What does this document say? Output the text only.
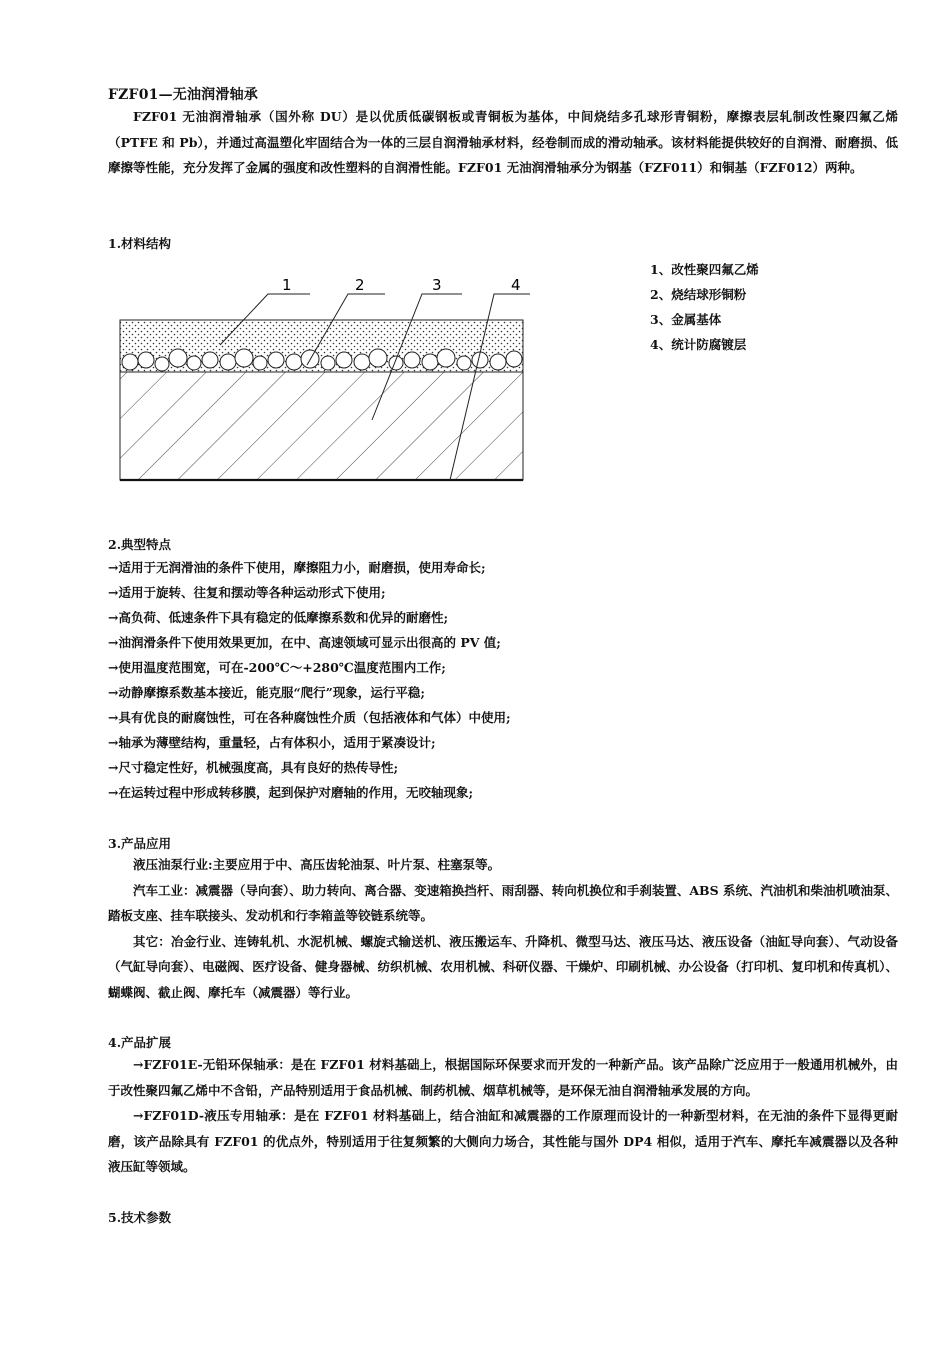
FZF01—无油润滑轴承

FZF01 无油润滑轴承（国外称 DU）是以优质低碳钢板或青铜板为基体，中间烧结多孔球形青铜粉，摩擦表层轧制改性聚四氟乙烯（PTFE 和 Pb），并通过高温塑化牢固结合为一体的三层自润滑轴承材料，经卷制而成的滑动轴承。该材料能提供较好的自润滑、耐磨损、低摩擦等性能，充分发挥了金属的强度和改性塑料的自润滑性能。FZF01 无油润滑轴承分为钢基（FZF011）和铜基（FZF012）两种。

1.材料结构
1	2	3	4
1、改性聚四氟乙烯
2、烧结球形铜粉
3、金属基体
4、统计防腐镀层
2.典型特点
→适用于无润滑油的条件下使用，摩擦阻力小，耐磨损，使用寿命长;
→适用于旋转、往复和摆动等各种运动形式下使用;
→高负荷、低速条件下具有稳定的低摩擦系数和优异的耐磨性;
→油润滑条件下使用效果更加，在中、高速领域可显示出很高的 PV 值;
→使用温度范围宽，可在-200℃～+280℃温度范围内工作;
→动静摩擦系数基本接近，能克服“爬行”现象，运行平稳;
→具有优良的耐腐蚀性，可在各种腐蚀性介质（包括液体和气体）中使用;
→轴承为薄壁结构，重量轻，占有体积小，适用于紧凑设计;
→尺寸稳定性好，机械强度高，具有良好的热传导性;
→在运转过程中形成转移膜，起到保护对磨轴的作用，无咬轴现象;
3.产品应用

液压油泵行业:主要应用于中、高压齿轮油泵、叶片泵、柱塞泵等。

汽车工业：减震器（导向套）、助力转向、离合器、变速箱换挡杆、雨刮器、转向机换位和手刹装置、ABS 系统、汽油机和柴油机喷油泵、踏板支座、挂车联接头、发动机和行李箱盖等铰链系统等。

其它：冶金行业、连铸轧机、水泥机械、螺旋式输送机、液压搬运车、升降机、微型马达、液压马达、液压设备（油缸导向套）、气动设备（气缸导向套）、电磁阀、医疗设备、健身器械、纺织机械、农用机械、科研仪器、干燥炉、印刷机械、办公设备（打印机、复印机和传真机）、蝴蝶阀、截止阀、摩托车（减震器）等行业。

4.产品扩展

→FZF01E-无铅环保轴承：是在 FZF01 材料基础上，根据国际环保要求而开发的一种新产品。该产品除广泛应用于一般通用机械外，由于改性聚四氟乙烯中不含铅，产品特别适用于食品机械、制药机械、烟草机械等，是环保无油自润滑轴承发展的方向。

→FZF01D-液压专用轴承：是在 FZF01 材料基础上，结合油缸和减震器的工作原理而设计的一种新型材料，在无油的条件下显得更耐磨，该产品除具有 FZF01 的优点外，特别适用于往复频繁的大侧向力场合，其性能与国外 DP4 相似，适用于汽车、摩托车减震器以及各种液压缸等领域。

5.技术参数
